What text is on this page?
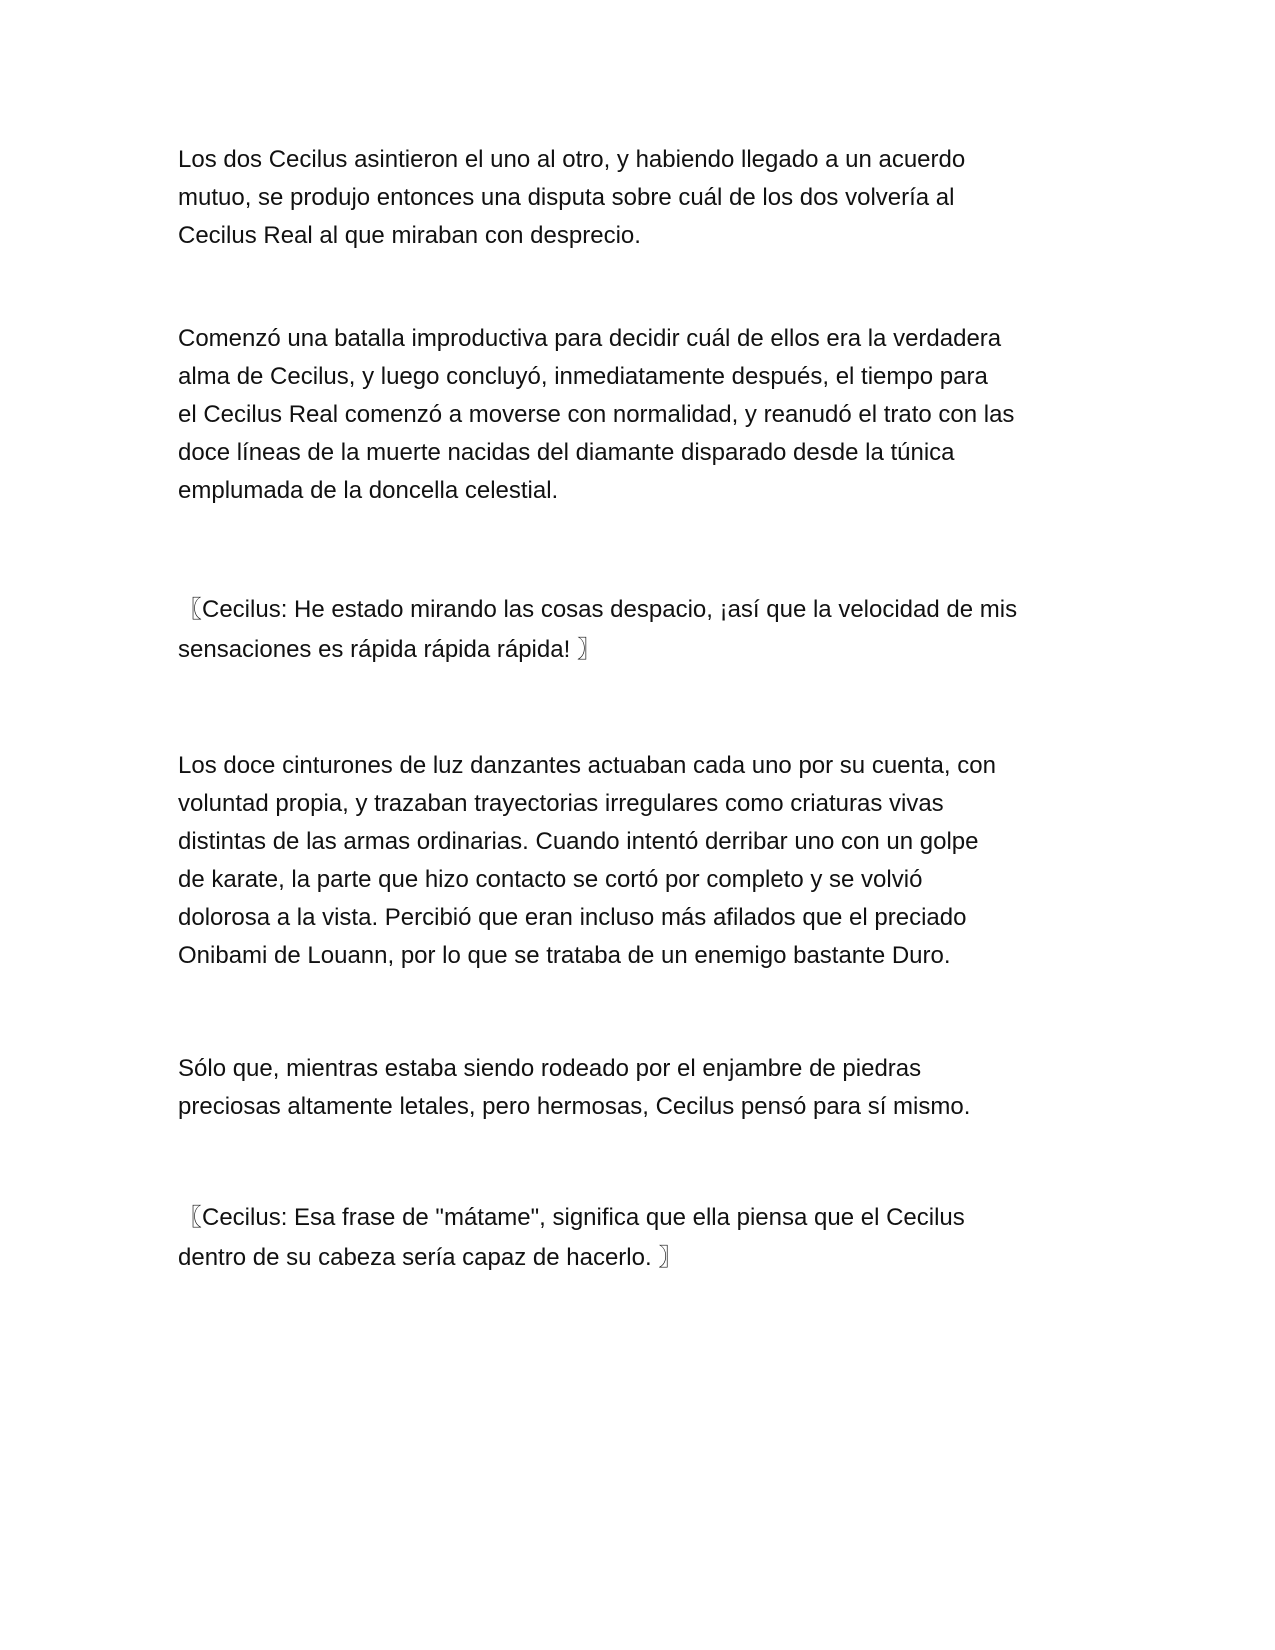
Los dos Cecilus asintieron el uno al otro, y habiendo llegado a un acuerdo
mutuo, se produjo entonces una disputa sobre cuál de los dos volvería al
Cecilus Real al que miraban con desprecio.

Comenzó una batalla improductiva para decidir cuál de ellos era la verdadera
alma de Cecilus, y luego concluyó, inmediatamente después, el tiempo para
el Cecilus Real comenzó a moverse con normalidad, y reanudó el trato con las
doce líneas de la muerte nacidas del diamante disparado desde la túnica
emplumada de la doncella celestial.

〖Cecilus: He estado mirando las cosas despacio, ¡así que la velocidad de mis
sensaciones es rápida rápida rápida! 〗

Los doce cinturones de luz danzantes actuaban cada uno por su cuenta, con
voluntad propia, y trazaban trayectorias irregulares como criaturas vivas
distintas de las armas ordinarias. Cuando intentó derribar uno con un golpe
de karate, la parte que hizo contacto se cortó por completo y se volvió
dolorosa a la vista. Percibió que eran incluso más afilados que el preciado
Onibami de Louann, por lo que se trataba de un enemigo bastante Duro.

Sólo que, mientras estaba siendo rodeado por el enjambre de piedras
preciosas altamente letales, pero hermosas, Cecilus pensó para sí mismo.

〖Cecilus: Esa frase de "mátame", significa que ella piensa que el Cecilus
dentro de su cabeza sería capaz de hacerlo. 〗
